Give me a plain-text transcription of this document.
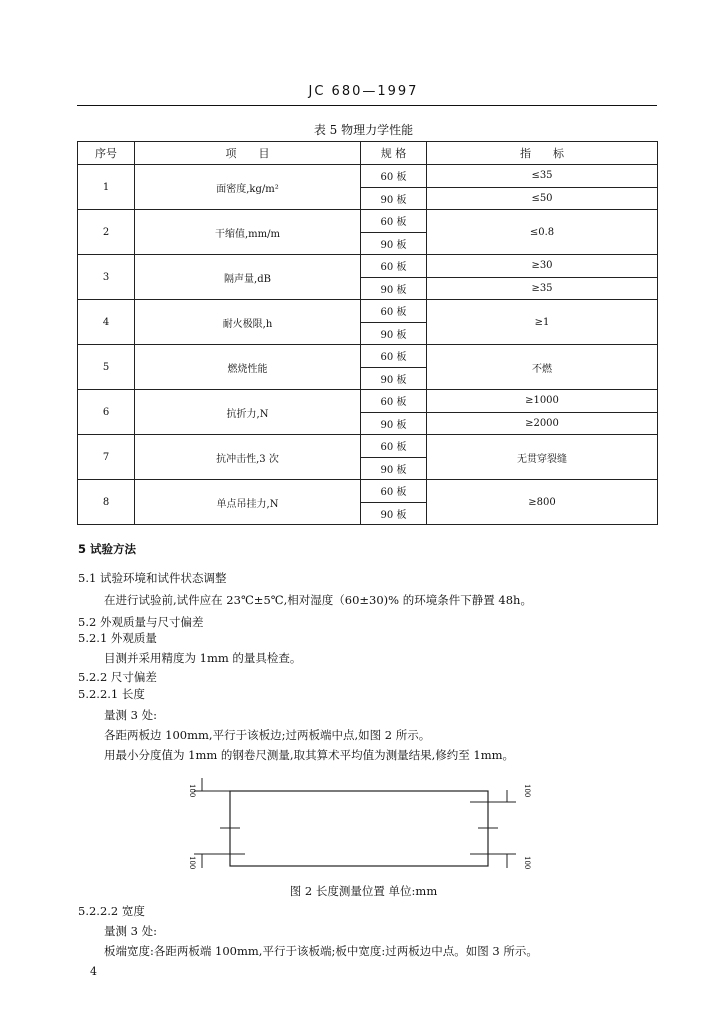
JC 680—1997
表 5 物理力学性能
序号	项　　目	规 格	指　　标
1	面密度,kg/m²	60 板	≤35
		90 板	≤50
2	干缩值,mm/m	60 板	≤0.8
		90 板	
3	隔声量,dB	60 板	≥30
		90 板	≥35
4	耐火极限,h	60 板	≥1
		90 板	
5	燃烧性能	60 板	不燃
		90 板	
6	抗折力,N	60 板	≥1000
		90 板	≥2000
7	抗冲击性,3 次	60 板	无贯穿裂缝
		90 板	
8	单点吊挂力,N	60 板	≥800
		90 板	
5 试验方法
5.1 试验环境和试件状态调整
在进行试验前,试件应在 23℃±5℃,相对湿度（60±30)% 的环境条件下静置 48h。
5.2 外观质量与尺寸偏差
5.2.1 外观质量
目测并采用精度为 1mm 的量具检查。
5.2.2 尺寸偏差
5.2.2.1 长度
量测 3 处:
各距两板边 100mm,平行于该板边;过两板端中点,如图 2 所示。
用最小分度值为 1mm 的钢卷尺测量,取其算术平均值为测量结果,修约至 1mm。
100
100
100
100
图 2 长度测量位置 单位:mm
5.2.2.2 宽度
量测 3 处:
板端宽度:各距两板端 100mm,平行于该板端;板中宽度:过两板边中点。如图 3 所示。
4
